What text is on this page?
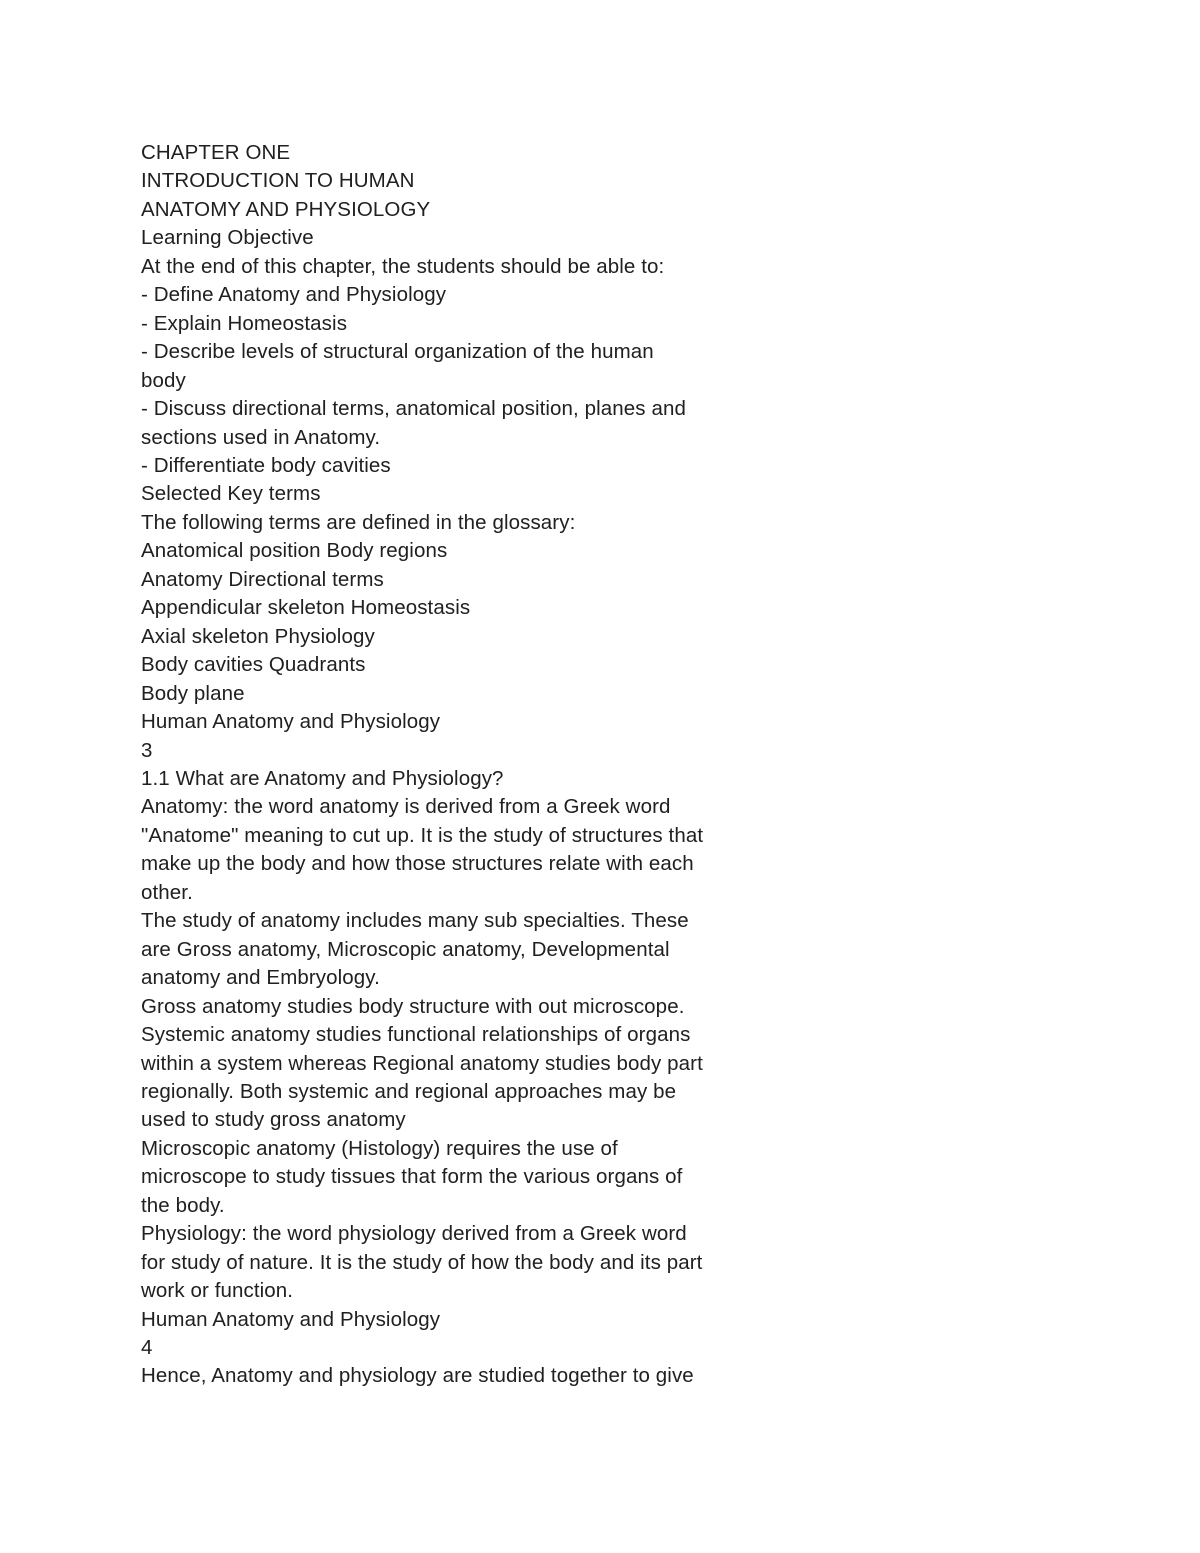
CHAPTER ONE
INTRODUCTION TO HUMAN
ANATOMY AND PHYSIOLOGY
Learning Objective
At the end of this chapter, the students should be able to:
- Define Anatomy and Physiology
- Explain Homeostasis
- Describe levels of structural organization of the human
body
- Discuss directional terms, anatomical position, planes and
sections used in Anatomy.
- Differentiate body cavities
Selected Key terms
The following terms are defined in the glossary:
Anatomical position Body regions
Anatomy Directional terms
Appendicular skeleton Homeostasis
Axial skeleton Physiology
Body cavities Quadrants
Body plane
Human Anatomy and Physiology
3
1.1 What are Anatomy and Physiology?
Anatomy: the word anatomy is derived from a Greek word
"Anatome" meaning to cut up. It is the study of structures that
make up the body and how those structures relate with each
other.
The study of anatomy includes many sub specialties. These
are Gross anatomy, Microscopic anatomy, Developmental
anatomy and Embryology.
Gross anatomy studies body structure with out microscope.
Systemic anatomy studies functional relationships of organs
within a system whereas Regional anatomy studies body part
regionally. Both systemic and regional approaches may be
used to study gross anatomy
Microscopic anatomy (Histology) requires the use of
microscope to study tissues that form the various organs of
the body.
Physiology: the word physiology derived from a Greek word
for study of nature. It is the study of how the body and its part
work or function.
Human Anatomy and Physiology
4
Hence, Anatomy and physiology are studied together to give
